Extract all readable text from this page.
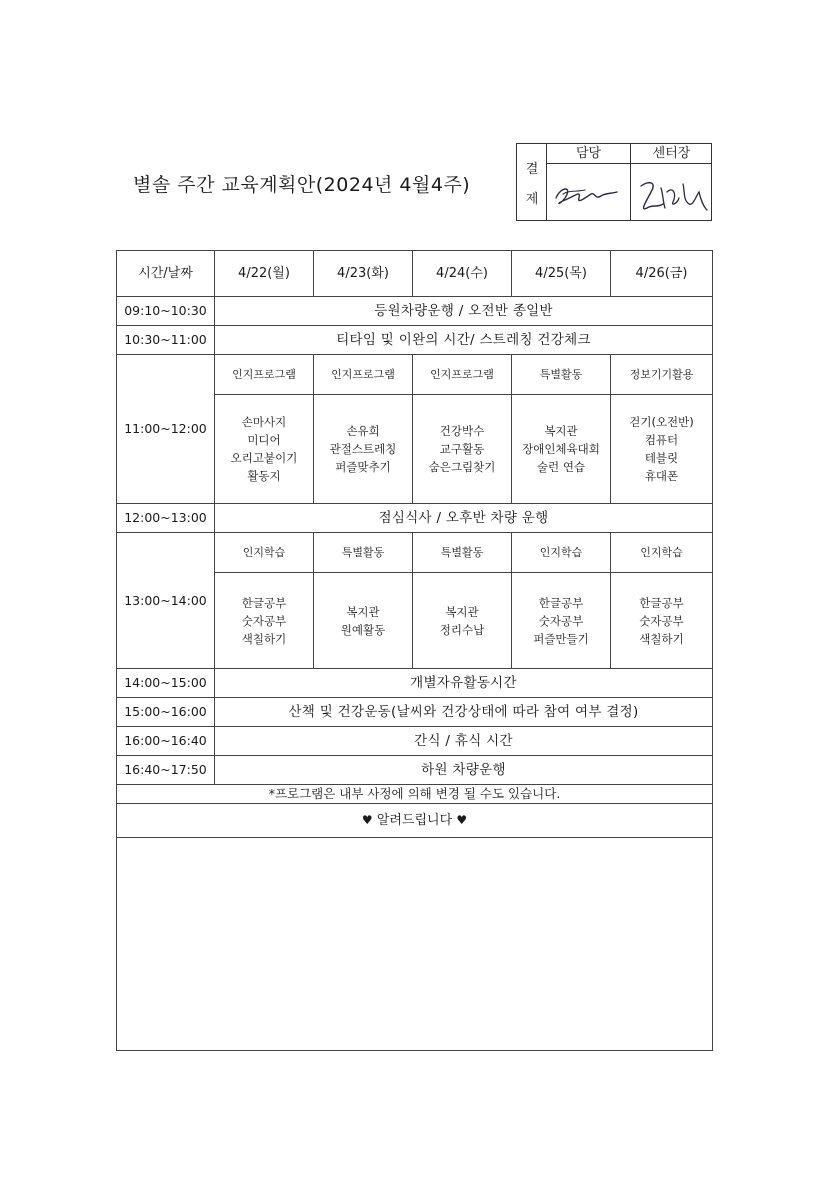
별솔 주간 교육계획안(2024년 4월4주)
결
제
담당	센터장
시간/날짜	4/22(월)	4/23(화)	4/24(수)	4/25(목)	4/26(금)
09:10~10:30	등원차량운행 / 오전반 종일반				
10:30~11:00	티타임 및 이완의 시간/ 스트레칭 건강체크				
11:00~12:00	인지프로그램	인지프로그램	인지프로그램	특별활동	정보기기활용

	손마사지
미디어
오리고붙이기
활동지	손유희
관절스트레칭
퍼즐맞추기	건강박수
교구활동
숨은그림찾기	복지관
장애인체육대회
술런 연습	걷기(오전반)
컴퓨터
테블릿
휴대폰

12:00~13:00	점심식사 / 오후반 차량 운행				
13:00~14:00	인지학습	특별활동	특별활동	인지학습	인지학습

	한글공부
숫자공부
색칠하기	복지관
원예활동	복지관
정리수납	한글공부
숫자공부
퍼즐만들기	한글공부
숫자공부
색칠하기

14:00~15:00	개별자유활동시간				
15:00~16:00	산책 및 건강운동(날씨와 건강상태에 따라 참여 여부 결정)				
16:00~16:40	간식 / 휴식 시간				
16:40~17:50	하원 차량운행				
*프로그램은 내부 사정에 의해 변경 될 수도 있습니다.					
♥ 알려드립니다 ♥					
